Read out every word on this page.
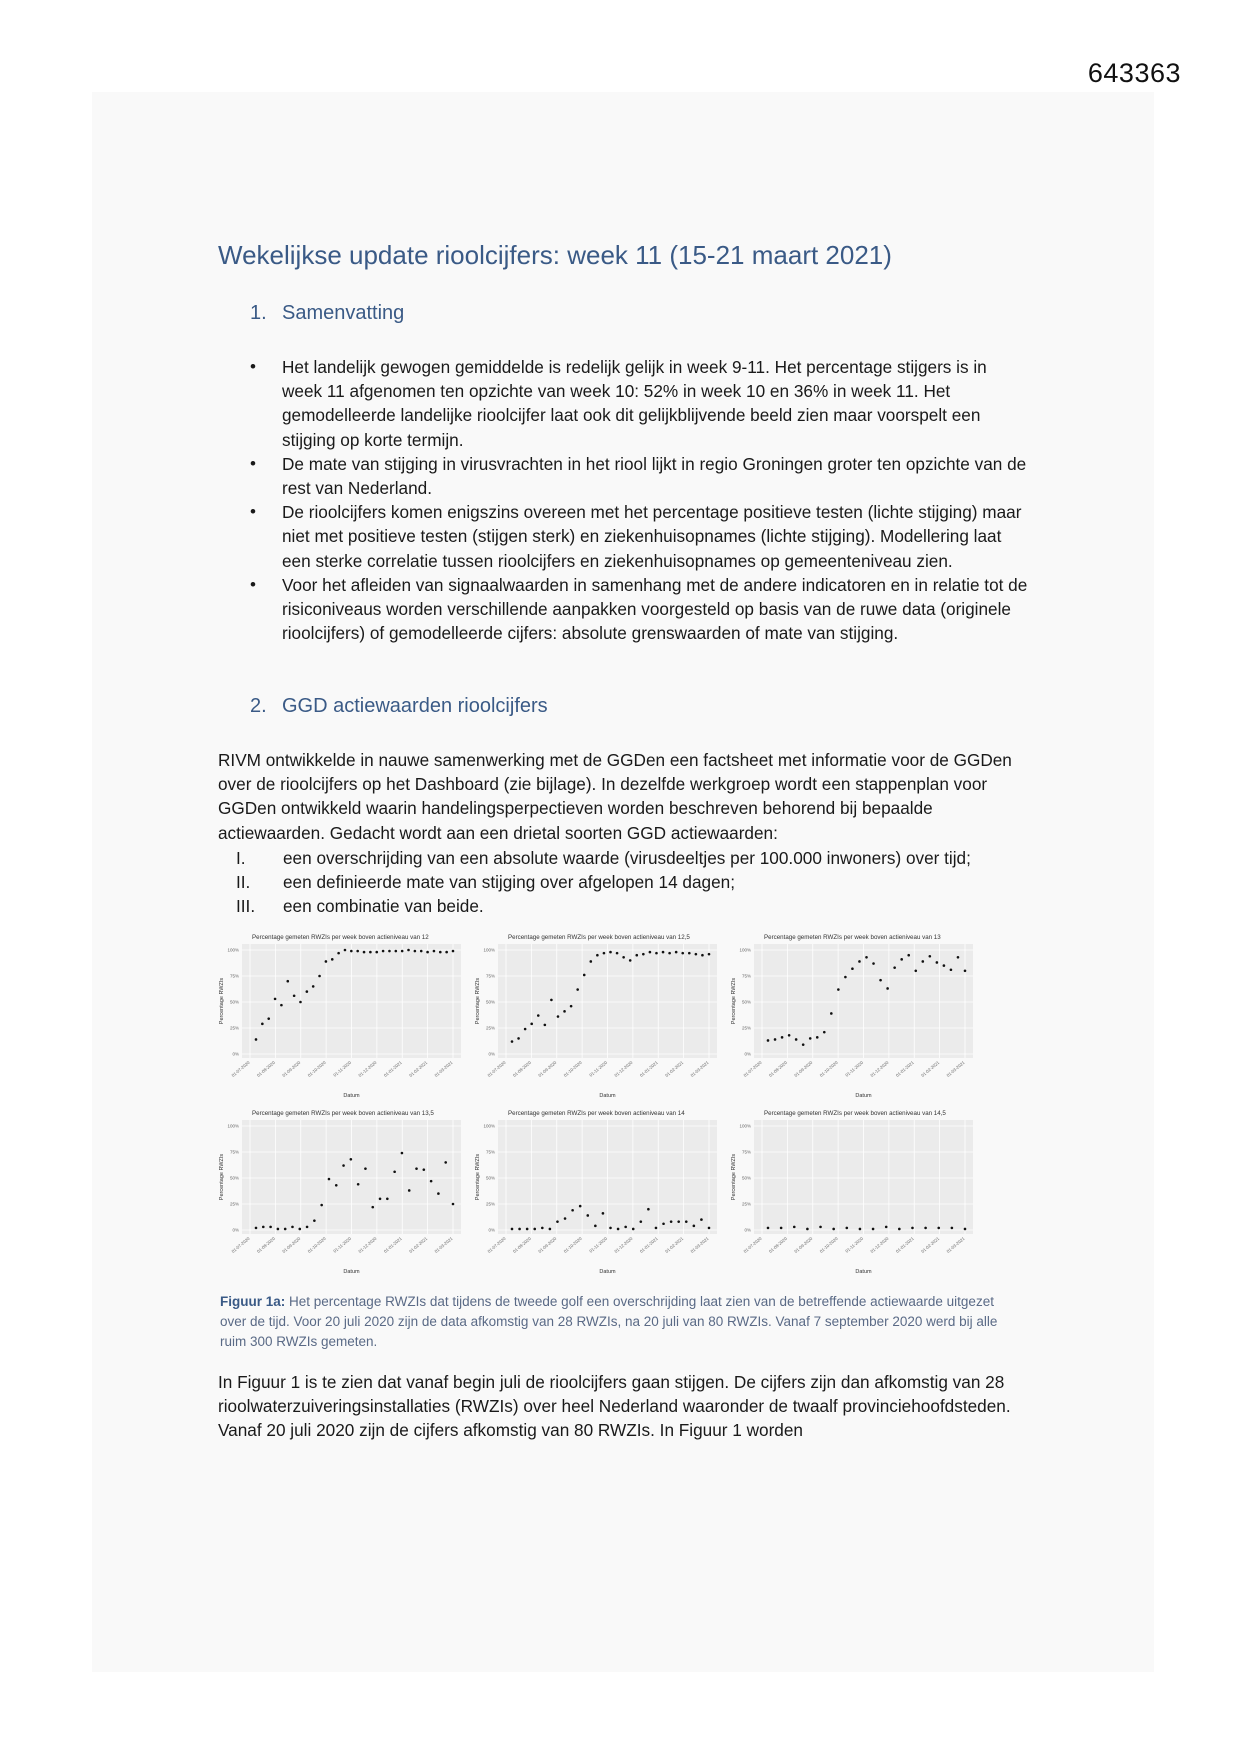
643363
Wekelijkse update rioolcijfers: week 11 (15-21 maart 2021)
1. Samenvatting
• Het landelijk gewogen gemiddelde is redelijk gelijk in week 9-11. Het percentage stijgers is in week 11 afgenomen ten opzichte van week 10: 52% in week 10 en 36% in week 11. Het gemodelleerde landelijke rioolcijfer laat ook dit gelijkblijvende beeld zien maar voorspelt een stijging op korte termijn.
• De mate van stijging in virusvrachten in het riool lijkt in regio Groningen groter ten opzichte van de rest van Nederland.
• De rioolcijfers komen enigszins overeen met het percentage positieve testen (lichte stijging) maar niet met positieve testen (stijgen sterk) en ziekenhuisopnames (lichte stijging). Modellering laat een sterke correlatie tussen rioolcijfers en ziekenhuisopnames op gemeenteniveau zien.
• Voor het afleiden van signaalwaarden in samenhang met de andere indicatoren en in relatie tot de risiconiveaus worden verschillende aanpakken voorgesteld op basis van de ruwe data (originele rioolcijfers) of gemodelleerde cijfers: absolute grenswaarden of mate van stijging.
2. GGD actiewaarden rioolcijfers

RIVM ontwikkelde in nauwe samenwerking met de GGDen een factsheet met informatie voor de GGDen over de rioolcijfers op het Dashboard (zie bijlage). In dezelfde werkgroep wordt een stappenplan voor GGDen ontwikkeld waarin handelingsperpectieven worden beschreven behorend bij bepaalde actiewaarden. Gedacht wordt aan een drietal soorten GGD actiewaarden:

I. een overschrijding van een absolute waarde (virusdeeltjes per 100.000 inwoners) over tijd;
II. een definieerde mate van stijging over afgelopen 14 dagen;
III. een combinatie van beide.
Percentage gemeten RWZIs per week boven actieniveau van 12
0%
25%
50%
75%
100%
01-07-2020 01-08-2020 01-09-2020 01-10-2020 01-11-2020 01-12-2020 01-01-2021 01-02-2021 01-03-2021
Datum
Percentage RWZIs
Percentage gemeten RWZIs per week boven actieniveau van 12,5
0%
25%
50%
75%
100%
01-07-2020 01-08-2020 01-09-2020 01-10-2020 01-11-2020 01-12-2020 01-01-2021 01-02-2021 01-03-2021
Datum
Percentage RWZIs
Percentage gemeten RWZIs per week boven actieniveau van 13
0%
25%
50%
75%
100%
01-07-2020 01-08-2020 01-09-2020 01-10-2020 01-11-2020 01-12-2020 01-01-2021 01-02-2021 01-03-2021
Datum
Percentage RWZIs
Percentage gemeten RWZIs per week boven actieniveau van 13,5
0%
25%
50%
75%
100%
01-07-2020 01-08-2020 01-09-2020 01-10-2020 01-11-2020 01-12-2020 01-01-2021 01-02-2021 01-03-2021
Datum
Percentage RWZIs
Percentage gemeten RWZIs per week boven actieniveau van 14
0%
25%
50%
75%
100%
01-07-2020 01-08-2020 01-09-2020 01-10-2020 01-11-2020 01-12-2020 01-01-2021 01-02-2021 01-03-2021
Datum
Percentage RWZIs
Percentage gemeten RWZIs per week boven actieniveau van 14,5
0%
25%
50%
75%
100%
01-07-2020 01-08-2020 01-09-2020 01-10-2020 01-11-2020 01-12-2020 01-01-2021 01-02-2021 01-03-2021
Datum
Percentage RWZIs

Figuur 1a: Het percentage RWZIs dat tijdens de tweede golf een overschrijding laat zien van de betreffende actiewaarde uitgezet over de tijd. Voor 20 juli 2020 zijn de data afkomstig van 28 RWZIs, na 20 juli van 80 RWZIs. Vanaf 7 september 2020 werd bij alle ruim 300 RWZIs gemeten.

In Figuur 1 is te zien dat vanaf begin juli de rioolcijfers gaan stijgen. De cijfers zijn dan afkomstig van 28 rioolwaterzuiveringsinstallaties (RWZIs) over heel Nederland waaronder de twaalf provinciehoofdsteden. Vanaf 20 juli 2020 zijn de cijfers afkomstig van 80 RWZIs. In Figuur 1 worden
